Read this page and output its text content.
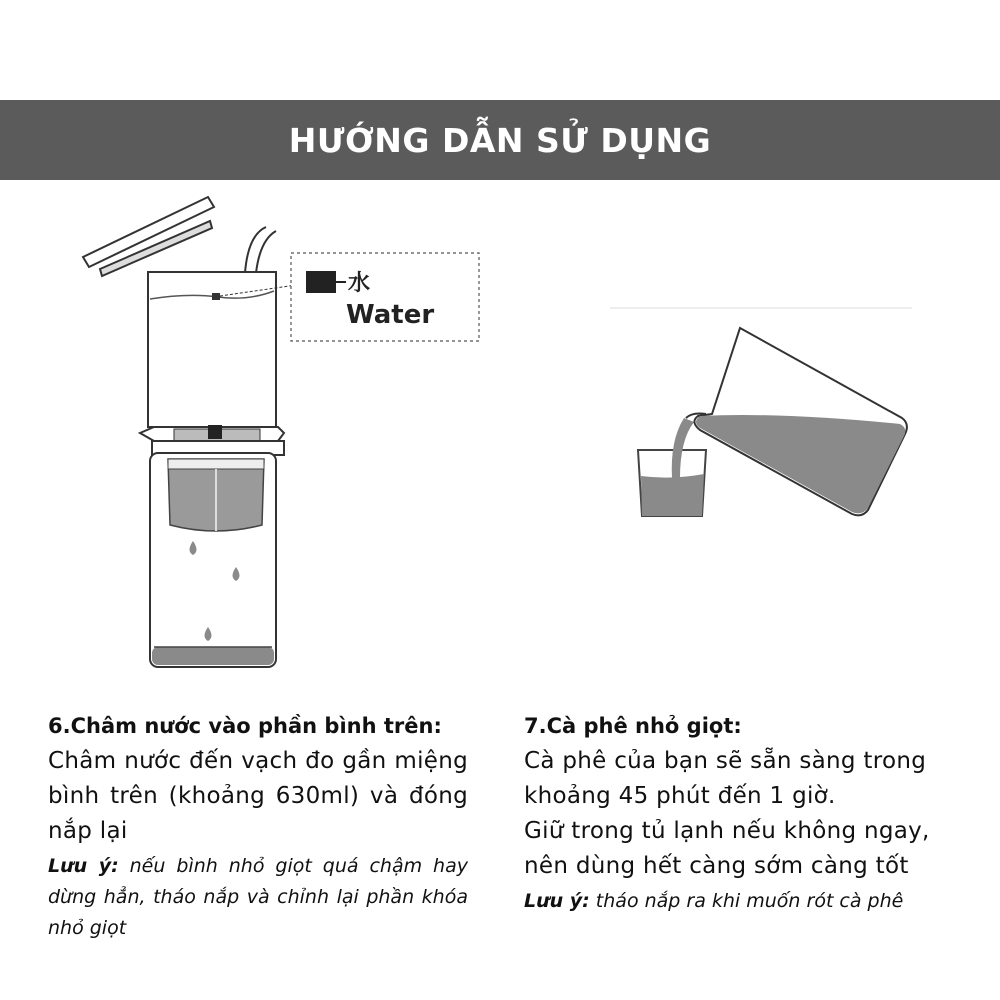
HƯỚNG DẪN SỬ DỤNG
水
Water
6.Châm nước vào phần bình trên:

Châm nước đến vạch đo gần miệng bình trên (khoảng 630ml) và đóng nắp lại

Lưu ý: nếu bình nhỏ giọt quá chậm hay dừng hẳn, tháo nắp và chỉnh lại phần khóa nhỏ giọt

7.Cà phê nhỏ giọt:

Cà phê của bạn sẽ sẵn sàng trong khoảng 45 phút đến 1 giờ.

Giữ trong tủ lạnh nếu không ngay, nên dùng hết càng sớm càng tốt

Lưu ý: tháo nắp ra khi muốn rót cà phê
